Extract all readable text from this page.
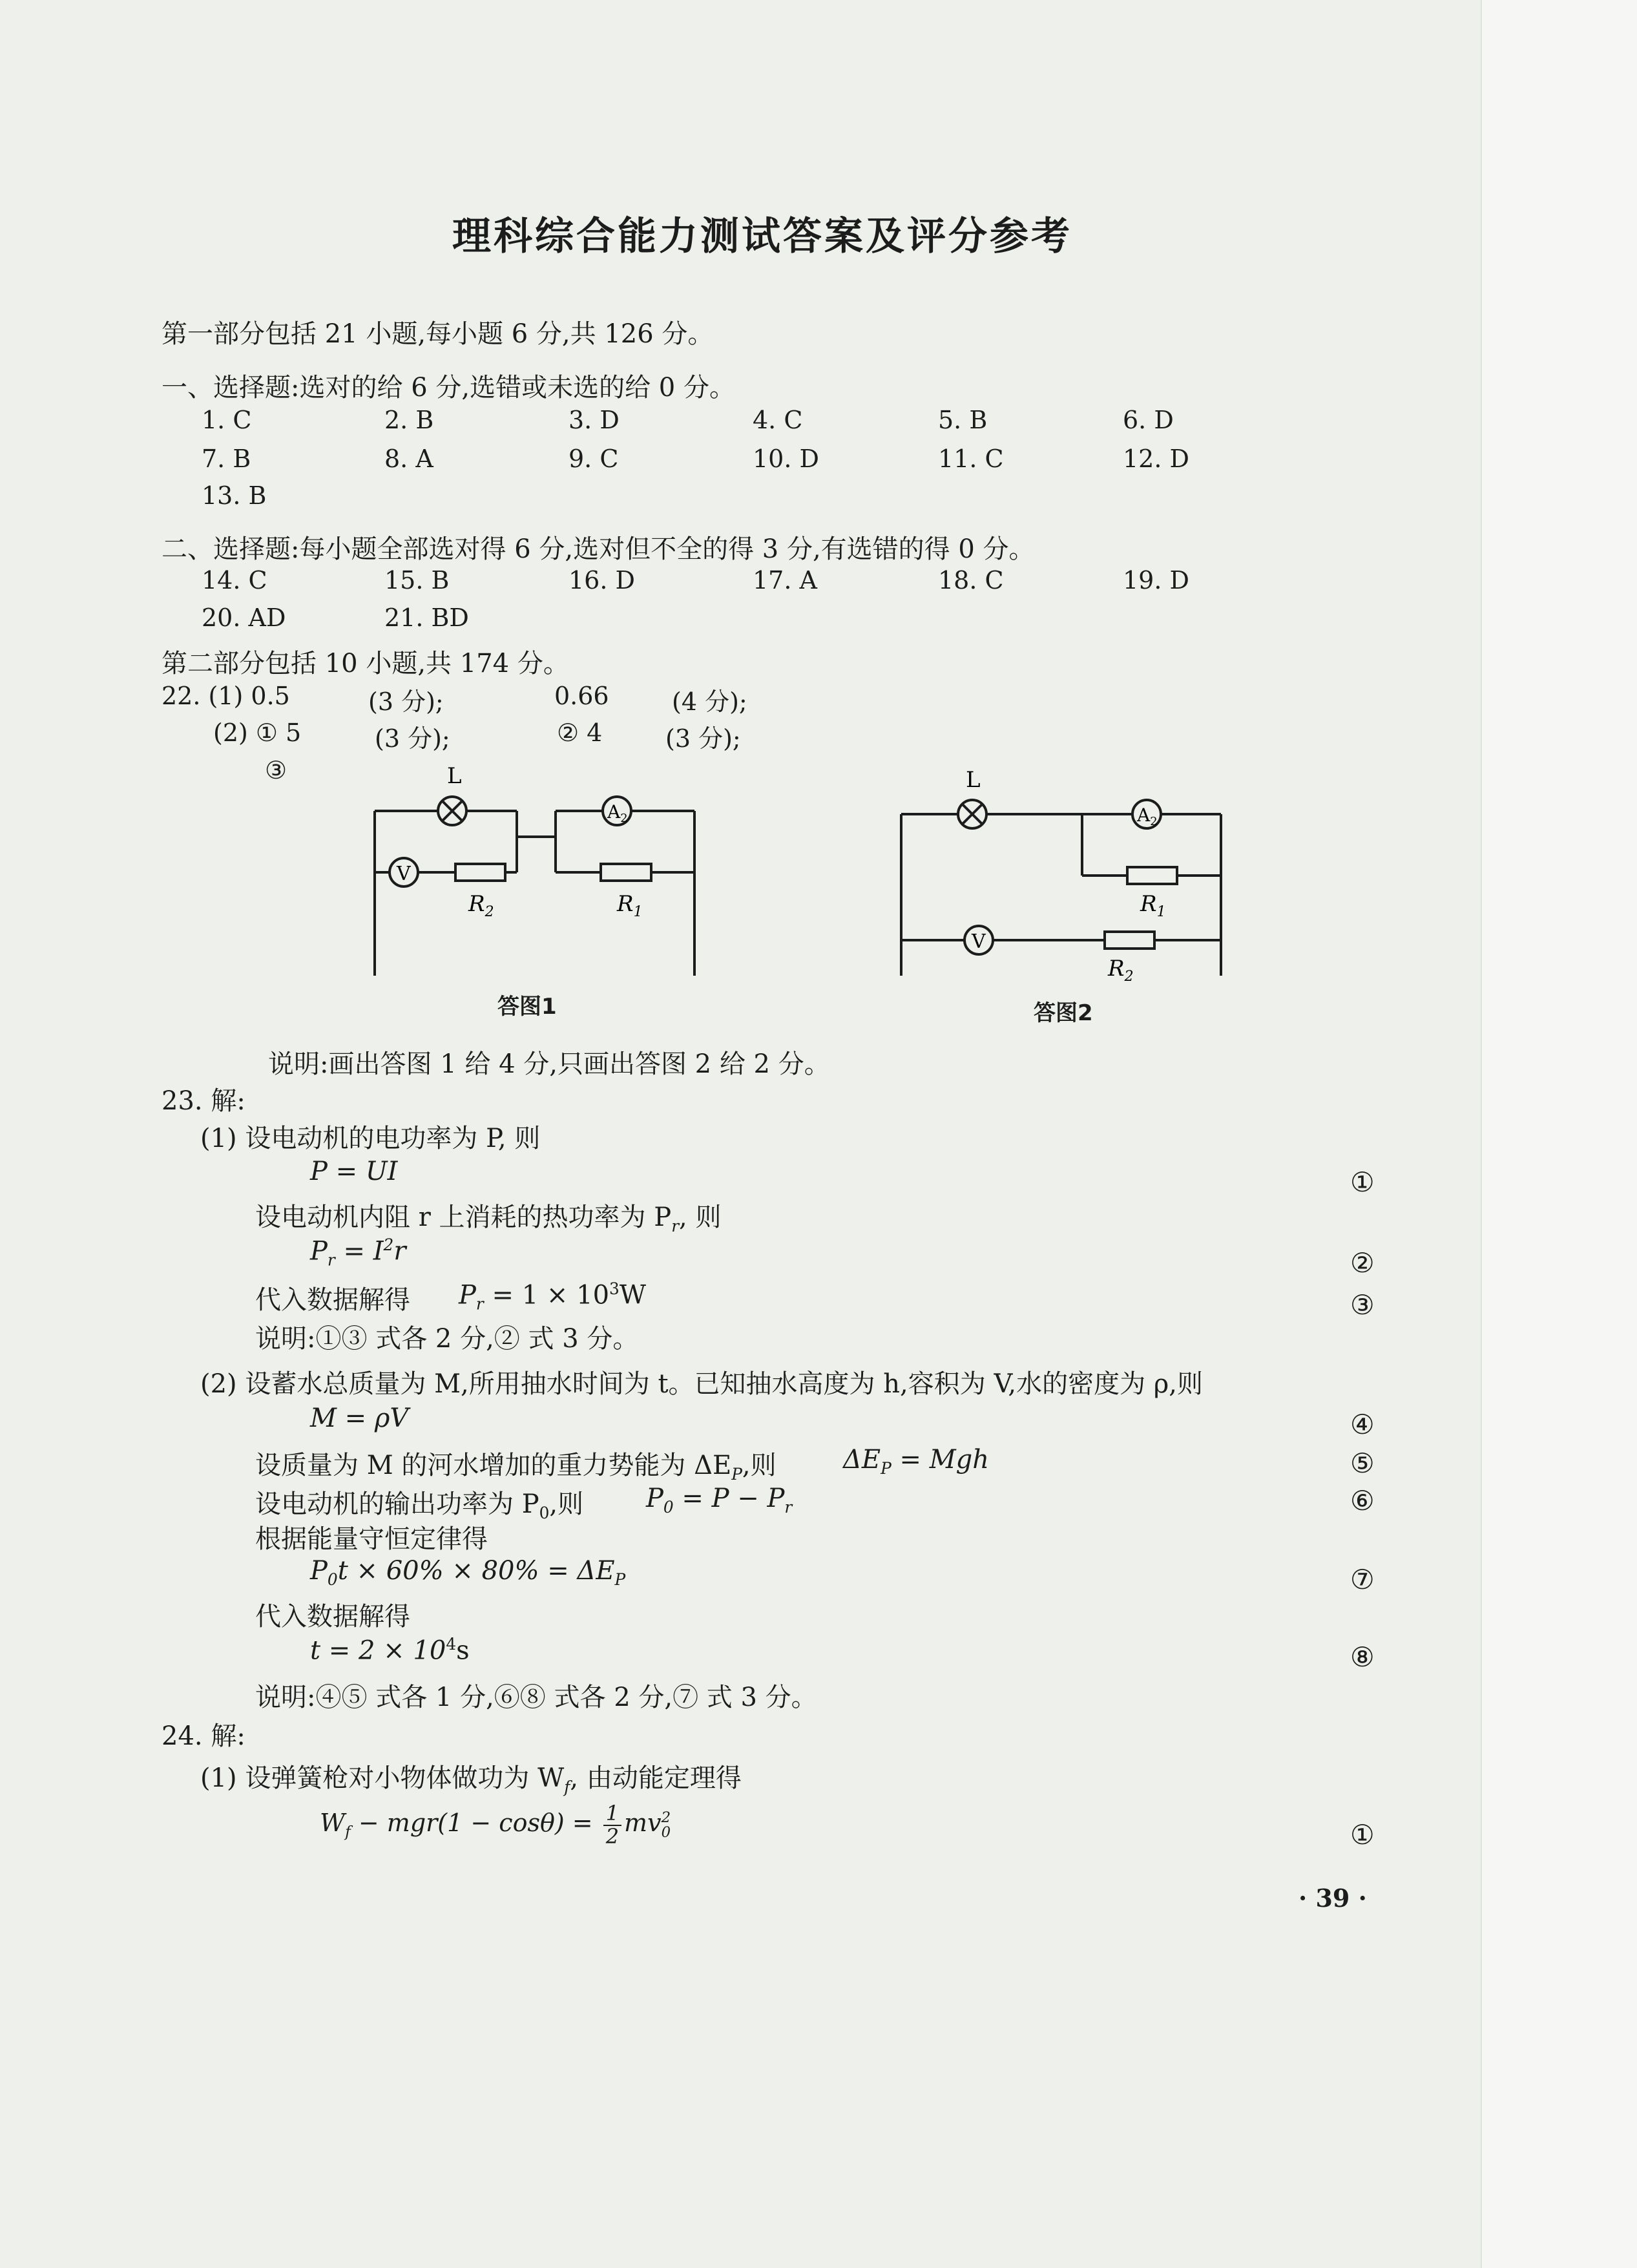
理科综合能力测试答案及评分参考
第一部分包括 21 小题,每小题 6 分,共 126 分。
一、选择题:选对的给 6 分,选错或未选的给 0 分。
1. C	2. B	3. D	4. C	5. B	6. D
7. B	8. A	9. C	10. D	11. C	12. D
13. B
二、选择题:每小题全部选对得 6 分,选对但不全的得 3 分,有选错的得 0 分。
14. C	15. B	16. D	17. A	18. C	19. D
20. AD	21. BD
第二部分包括 10 小题,共 174 分。
22. (1) 0.5	(3 分);	0.66	(4 分);
(2) ① 5	(3 分);	② 4	(3 分);
③	L
V
$R_2$
$A_2$
$R_1$
答图1
L
$A_2$
$R_1$
V
$R_2$
答图2
说明:画出答图 1 给 4 分,只画出答图 2 给 2 分。
23. 解:
(1) 设电动机的电功率为 P, 则
P = UI
设电动机内阻 r 上消耗的热功率为 $P_r$, 则
$P_r = I^2r$
代入数据解得 $P_r = 1 \times 10^3W$
说明:①③ 式各 2 分,② 式 3 分。
(2) 设蓄水总质量为 M,所用抽水时间为 t。已知抽水高度为 h,容积为 V,水的密度为 ρ,则
M = ρV
设质量为 M 的河水增加的重力势能为 $\Delta E_P$,则	$\Delta E_P$ = Mgh
设电动机的输出功率为 $P_0$,则 $P_0 = P - P_r$
根据能量守恒定律得
$P_0t \times 60\% \times 80\% = \Delta E_P$
代入数据解得
$t = 2 \times 10^4s$
说明:④⑤ 式各 1 分,⑥⑧ 式各 2 分,⑦ 式 3 分。
24. 解:
(1) 设弹簧枪对小物体做功为 $W_f$, 由动能定理得
$W_f - mgr(1 - \cos\theta) = \frac{1}{2}$ mv 2
0
①
②
③
④
⑤
⑥
⑦
⑧
①
· 39 ·
